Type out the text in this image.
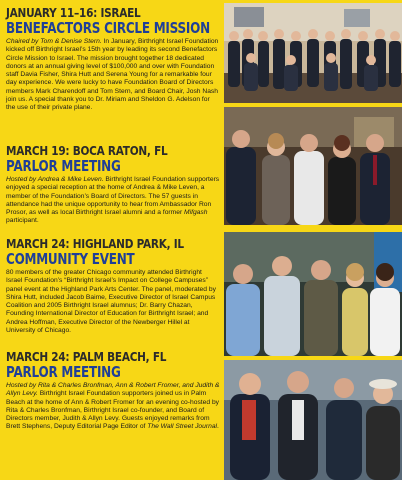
JANUARY 11–16: ISRAEL
BENEFACTORS CIRCLE MISSION
Chaired by Tom & Denise Stern. In January, Birthright Israel Foundation kicked off Birthright Israel’s 15th year by leading its second Benefactors Circle Mission to Israel. The mission brought together 18 dedicated donors at an annual giving level of $100,000 and over with Foundation staff Davia Fisher, Shira Hutt and Serena Young for a remarkable four day experience. We were lucky to have Foundation Board of Directors members Mark Charendoff and Tom Stern, and Board Chair, Josh Nash join us. A special thank you to Dr. Miriam and Sheldon G. Adelson for the use of their private plane.
MARCH 19: BOCA RATON, FL
PARLOR MEETING
Hosted by Andrea & Mike Leven. Birthright Israel Foundation supporters enjoyed a special reception at the home of Andrea & Mike Leven, a member of the Foundation’s Board of Directors. The 57 guests in attendance had the unique opportunity to hear from Ambassador Ron Prosor, as well as local Birthright Israel alumni and a former Mifgash participant.
MARCH 24: HIGHLAND PARK, IL
COMMUNITY EVENT
80 members of the greater Chicago community attended Birthright Israel Foundation’s “Birthright Israel’s Impact on College Campuses” panel event at the Highland Park Arts Center. The panel, moderated by Shira Hutt, included Jacob Baime, Executive Director of Israel Campus Coalition and 2005 Birthright Israel alumnus; Dr. Barry Chazan, Founding International Director of Education for Birthright Israel; and Andrea Hoffman, Executive Director of the Newberger Hillel at University of Chicago.
MARCH 24: PALM BEACH, FL
PARLOR MEETING
Hosted by Rita & Charles Bronfman, Ann & Robert Fromer, and Judith & Allyn Levy. Birthright Israel Foundation supporters joined us in Palm Beach at the home of Ann & Robert Fromer for an evening co-hosted by Rita & Charles Bronfman, Birthright Israel co-founder, and Board of Directors member, Judith & Allyn Levy. Guests enjoyed remarks from Brett Stephens, Deputy Editorial Page Editor of The Wall Street Journal.
